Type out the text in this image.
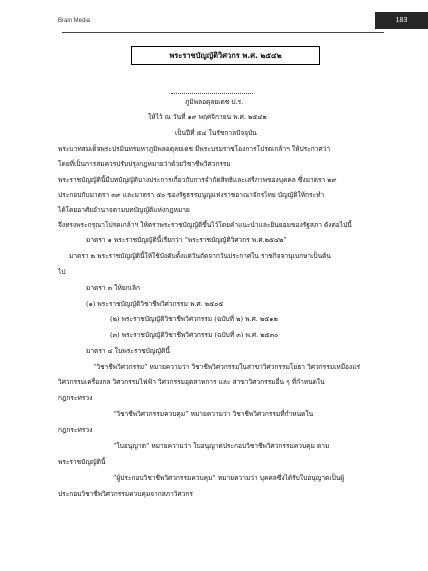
Brain Media	183
พระราชบัญญัติวิศวกร พ.ศ. ๒๕๔๒
ภูมิพลอดุลยเดช ป.ร.
ให้ไว้ ณ วันที่ ๑๙ พฤศจิกายน พ.ศ. ๒๕๔๒
เป็นปีที่ ๕๔ ในรัชกาลปัจจุบัน
พระบาทสมเด็จพระปรมินทรมหาภูมิพลอดุลยเดช มีพระบรมราชโองการโปรดเกล้าฯ ให้ประกาศว่า
โดยที่เป็นการสมควรปรับปรุงกฎหมายว่าด้วยวิชาชีพวิศวกรรม
พระราชบัญญัตินี้มีบทบัญญัติบางประการเกี่ยวกับการจำกัดสิทธิและเสรีภาพของบุคคล ซึ่งมาตรา ๒๙
ประกอบกับมาตรา ๓๙ และมาตรา ๕๐ ของรัฐธรรมนูญแห่งราชอาณาจักรไทย บัญญัติให้กระทำ
ได้โดยอาศัยอำนาจตามบทบัญญัติแห่งกฎหมาย
จึงทรงพระกรุณาโปรดเกล้าฯ ให้ตราพระราชบัญญัติขึ้นไว้โดยคำแนะนำและยินยอมของรัฐสภา ดังต่อไปนี้
มาตรา ๑ พระราชบัญญัตินี้เรียกว่า “พระราชบัญญัติวิศวกร พ.ศ.๒๕๔๒”
มาตรา ๒ พระราชบัญญัตินี้ให้ใช้บังคับตั้งแต่วันถัดจากวันประกาศใน ราชกิจจานุเบกษาเป็นต้น
ไป
มาตรา ๓ ให้ยกเลิก
(๑) พระราชบัญญัติวิชาชีพวิศวกรรม พ.ศ. ๒๕๐๕
(๒) พระราชบัญญัติวิชาชีพวิศวกรรม (ฉบับที่ ๒) พ.ศ. ๒๕๑๒
(๓) พระราชบัญญัติวิชาชีพวิศวกรรม (ฉบับที่ ๓) พ.ศ. ๒๕๓๐
มาตรา ๔ ในพระราชบัญญัตินี้
“วิชาชีพวิศวกรรม” หมายความว่า วิชาชีพวิศวกรรมในสาขาวิศวกรรมโยธา วิศวกรรมเหมืองแร่
วิศวกรรมเครื่องกล วิศวกรรมไฟฟ้า วิศวกรรมอุตสาหการ และ สาขาวิศวกรรมอื่น ๆ ที่กำหนดใน
กฎกระทรวง
“วิชาชีพวิศวกรรมควบคุม” หมายความว่า วิชาชีพวิศวกรรมที่กำหนดใน
กฎกระทรวง
“ใบอนุญาต” หมายความว่า ใบอนุญาตประกอบวิชาชีพวิศวกรรมควบคุม ตาม
พระราชบัญญัตินี้
“ผู้ประกอบวิชาชีพวิศวกรรมควบคุม” หมายความว่า บุคคลซึ่งได้รับใบอนุญาตเป็นผู้
ประกอบวิชาชีพวิศวกรรมควบคุมจากสภาวิศวกร
